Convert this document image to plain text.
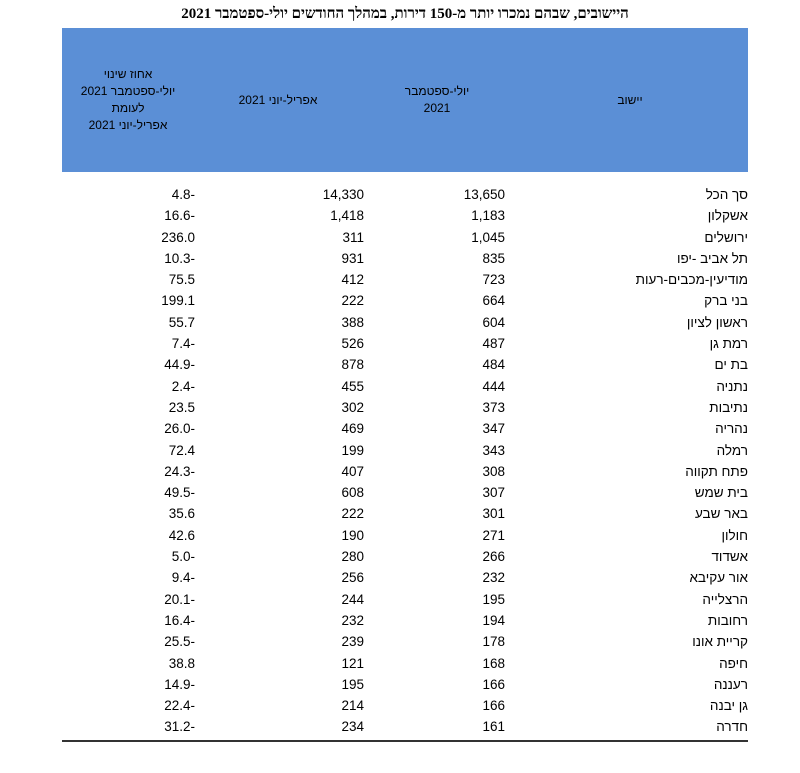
היישובים, שבהם נמכרו יותר מ-150 דירות, במהלך החודשים יולי-ספטמבר 2021
אחוז שינוי
יולי-ספטמבר 2021
לעומת
אפריל-יוני 2021
אפריל-יוני 2021
יולי-ספטמבר
2021
יישוב
4.8-	14,330	13,650	סך הכל
16.6-	1,418	1,183	אשקלון
236.0	311	1,045	ירושלים
10.3-	931	835	תל אביב -יפו
75.5	412	723	מודיעין-מכבים-רעות
199.1	222	664	בני ברק
55.7	388	604	ראשון לציון
7.4-	526	487	רמת גן
44.9-	878	484	בת ים
2.4-	455	444	נתניה
23.5	302	373	נתיבות
26.0-	469	347	נהריה
72.4	199	343	רמלה
24.3-	407	308	פתח תקווה
49.5-	608	307	בית שמש
35.6	222	301	באר שבע
42.6	190	271	חולון
5.0-	280	266	אשדוד
9.4-	256	232	אור עקיבא
20.1-	244	195	הרצלייה
16.4-	232	194	רחובות
25.5-	239	178	קריית אונו
38.8	121	168	חיפה
14.9-	195	166	רעננה
22.4-	214	166	גן יבנה
31.2-	234	161	חדרה
